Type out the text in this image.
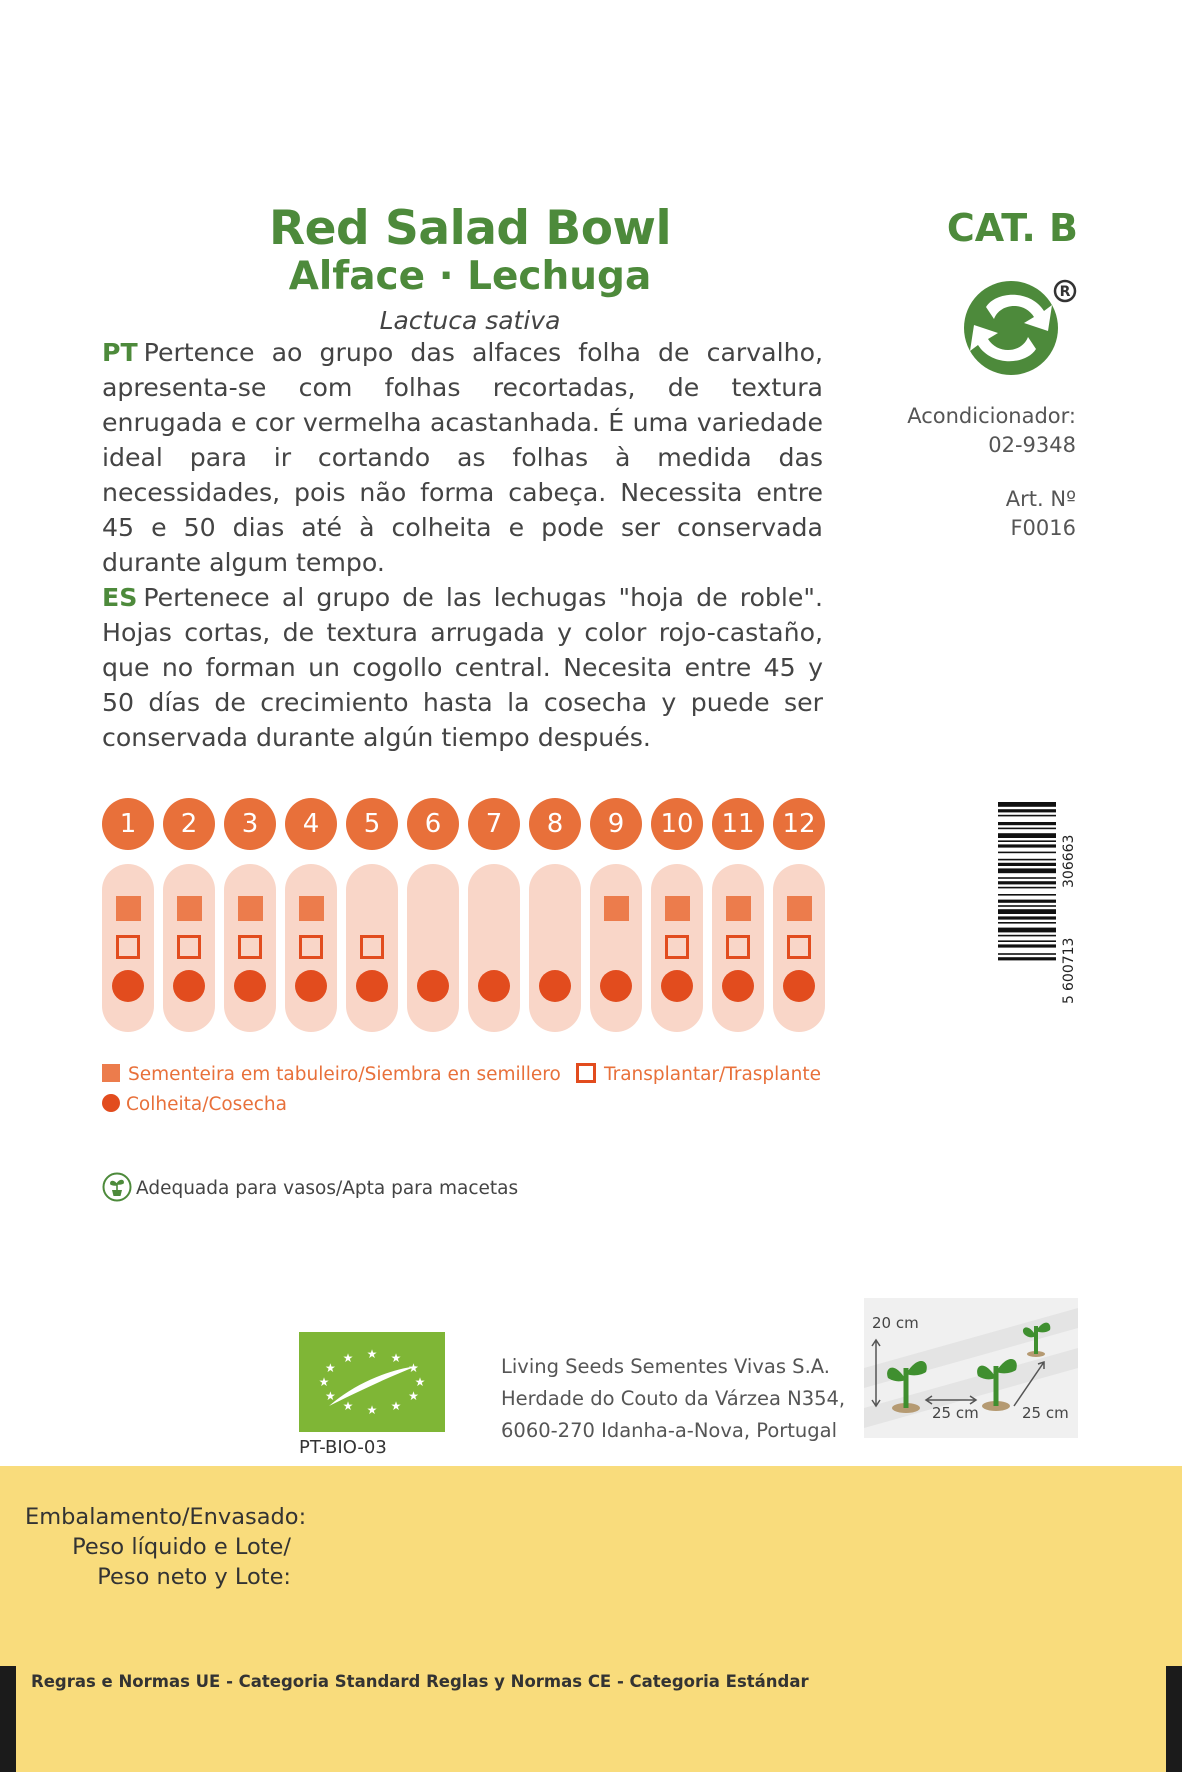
Red Salad Bowl
Alface · Lechuga
Lactuca sativa
PT Pertence ao grupo das alfaces folha de carvalho, apresenta-se com folhas recortadas, de textura enrugada e cor vermelha acastanhada. É uma variedade ideal para ir cortando as folhas à medida das necessidades, pois não forma cabeça. Necessita entre 45 e 50 dias até à colheita e pode ser conservada durante algum tempo.
ES Pertenece al grupo de las lechugas "hoja de roble". Hojas cortas, de textura arrugada y color rojo-castaño, que no forman un cogollo central. Necesita entre 45 y 50 días de crecimiento hasta la cosecha y puede ser conservada durante algún tiempo después.
CAT. B
R
Acondicionador:
02-9348
Art. Nº
F0016
5
600713
306663
1	2	3	4	5	6	7	8	9	10	11	12
Sementeira em tabuleiro/Siembra en semillero	Transplantar/Trasplante
Colheita/Cosecha
Adequada para vasos/Apta para macetas
★ ★
★
★
★
★
★
★
★
★
★
★
PT-BIO-03
Living Seeds Sementes Vivas S.A.
Herdade do Couto da Várzea N354,
6060-270 Idanha-a-Nova, Portugal
20 cm
25 cm	25 cm
Embalamento/Envasado:
Peso líquido e Lote/
Peso neto y Lote:
Regras e Normas UE - Categoria Standard Reglas y Normas CE - Categoria Estándar
